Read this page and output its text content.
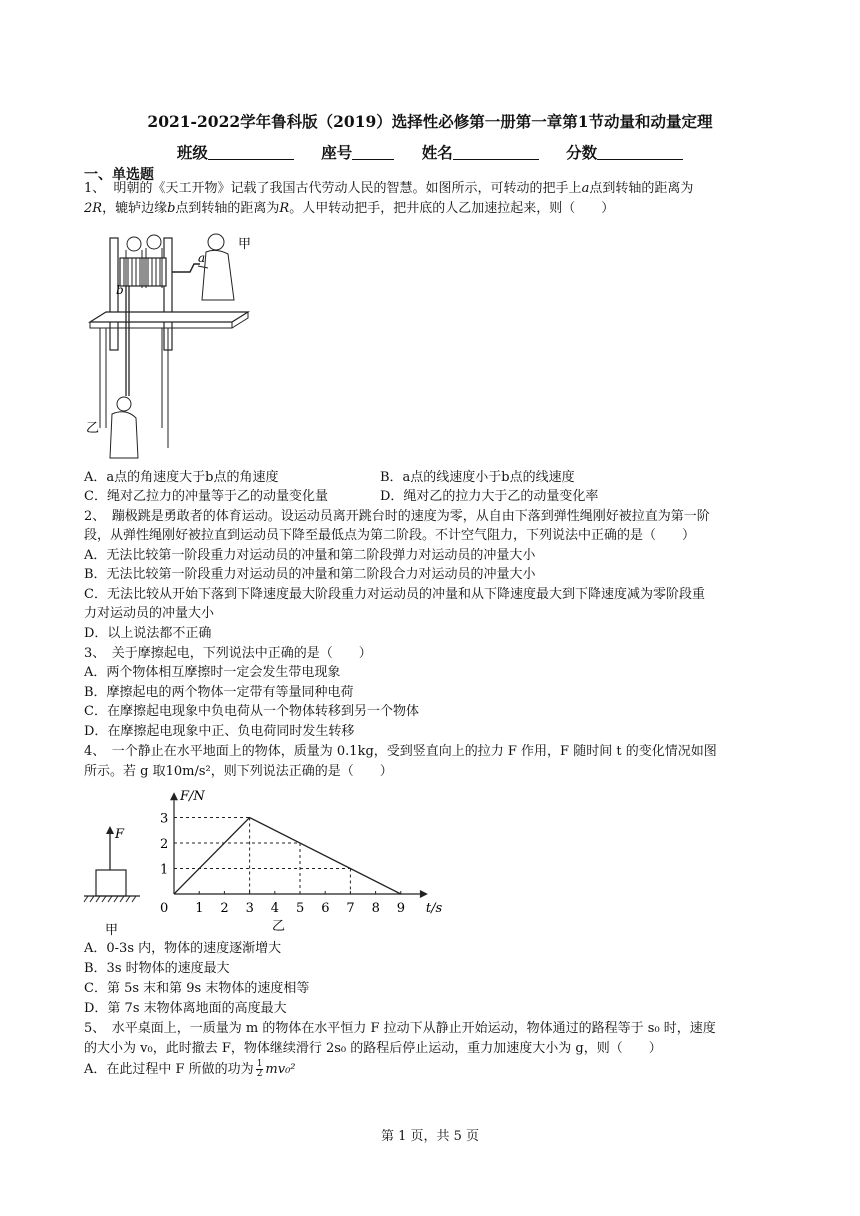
2021-2022学年鲁科版（2019）选择性必修第一册第一章第1节动量和动量定理
班级	座号	姓名	分数
一、单选题
1、 明朝的《天工开物》记载了我国古代劳动人民的智慧。如图所示，可转动的把手上a点到转轴的距离为
2R，辘轳边缘b点到转轴的距离为R。人甲转动把手，把井底的人乙加速拉起来，则（　　）
甲
乙
a
b
A．a点的角速度大于b点的角速度	B．a点的线速度小于b点的线速度
C．绳对乙拉力的冲量等于乙的动量变化量	D．绳对乙的拉力大于乙的动量变化率
2、　蹦极跳是勇敢者的体育运动。设运动员离开跳台时的速度为零，从自由下落到弹性绳刚好被拉直为第一阶
段，从弹性绳刚好被拉直到运动员下降至最低点为第二阶段。不计空气阻力，下列说法中正确的是（　　）
A．无法比较第一阶段重力对运动员的冲量和第二阶段弹力对运动员的冲量大小
B．无法比较第一阶段重力对运动员的冲量和第二阶段合力对运动员的冲量大小
C．无法比较从开始下落到下降速度最大阶段重力对运动员的冲量和从下降速度最大到下降速度减为零阶段重
力对运动员的冲量大小
D．以上说法都不正确
3、　关于摩擦起电，下列说法中正确的是（　　）
A．两个物体相互摩擦时一定会发生带电现象
B．摩擦起电的两个物体一定带有等量同种电荷
C．在摩擦起电现象中负电荷从一个物体转移到另一个物体
D．在摩擦起电现象中正、负电荷同时发生转移
4、　一个静止在水平地面上的物体，质量为 0.1kg，受到竖直向上的拉力 F 作用，F 随时间 t 的变化情况如图
所示。若 g 取10m/s²，则下列说法正确的是（　　）
F
甲
F/N
t/s
0 1 2 3 4 5 6 7 8 9
1
2
3
乙
A．0-3s 内，物体的速度逐渐增大
B．3s 时物体的速度最大
C．第 5s 末和第 9s 末物体的速度相等
D．第 7s 末物体离地面的高度最大
5、　水平桌面上，一质量为 m 的物体在水平恒力 F 拉动下从静止开始运动，物体通过的路程等于 s₀ 时，速度
的大小为 v₀，此时撤去 F，物体继续滑行 2s₀ 的路程后停止运动，重力加速度大小为 g，则（　　）
A．在此过程中 F 所做的功为 $\frac{1}{2} mv_0^2$
第 1 页，共 5 页
